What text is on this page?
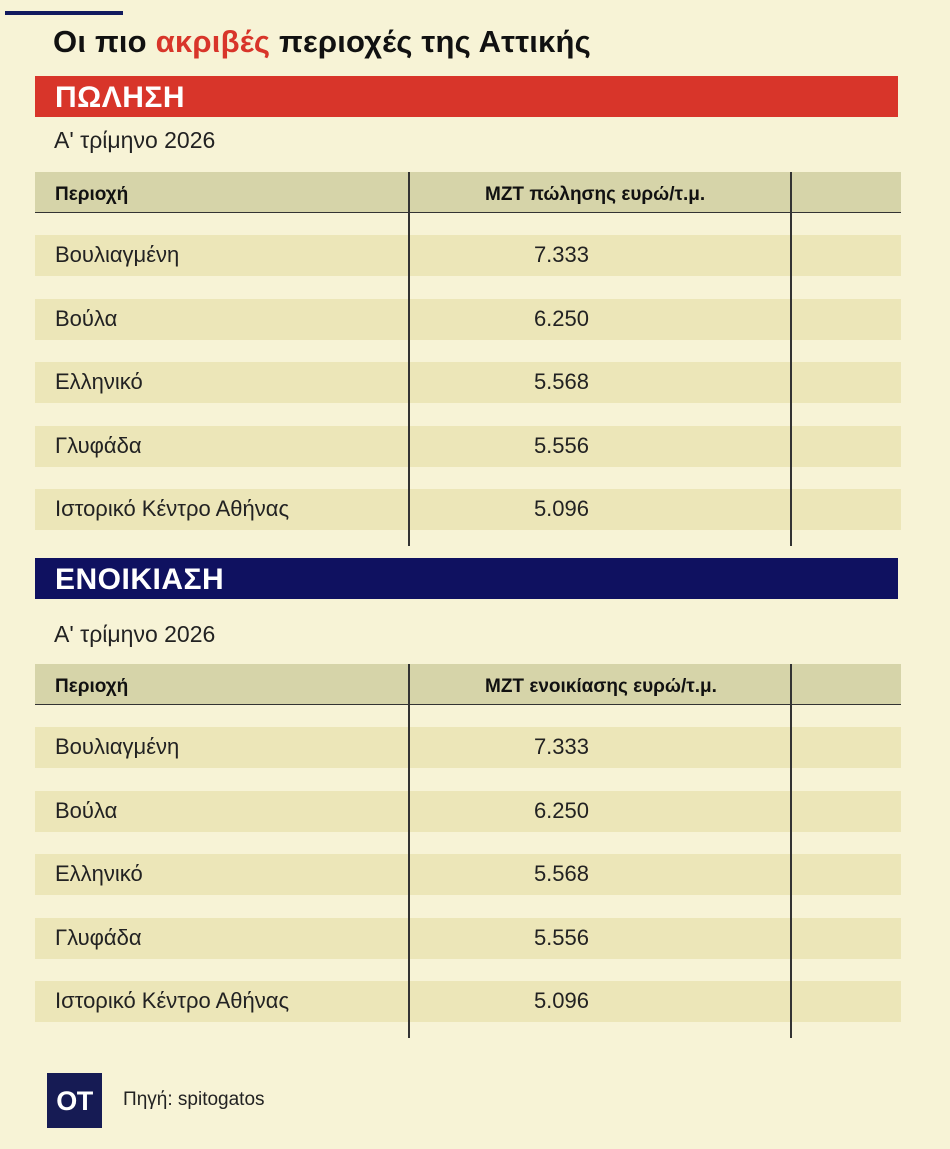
Οι πιο ακριβές περιοχές της Αττικής
ΠΩΛΗΣΗ
Α' τρίμηνο 2026
Περιοχή	ΜΖΤ πώλησης ευρώ/τ.μ.
Βουλιαγμένη	7.333
Βούλα	6.250
Ελληνικό	5.568
Γλυφάδα	5.556
Ιστορικό Κέντρο Αθήνας	5.096
ΕΝΟΙΚΙΑΣΗ
Α' τρίμηνο 2026
Περιοχή	ΜΖΤ ενοικίασης ευρώ/τ.μ.
Βουλιαγμένη	7.333
Βούλα	6.250
Ελληνικό	5.568
Γλυφάδα	5.556
Ιστορικό Κέντρο Αθήνας	5.096
OT	Πηγή: spitogatos
